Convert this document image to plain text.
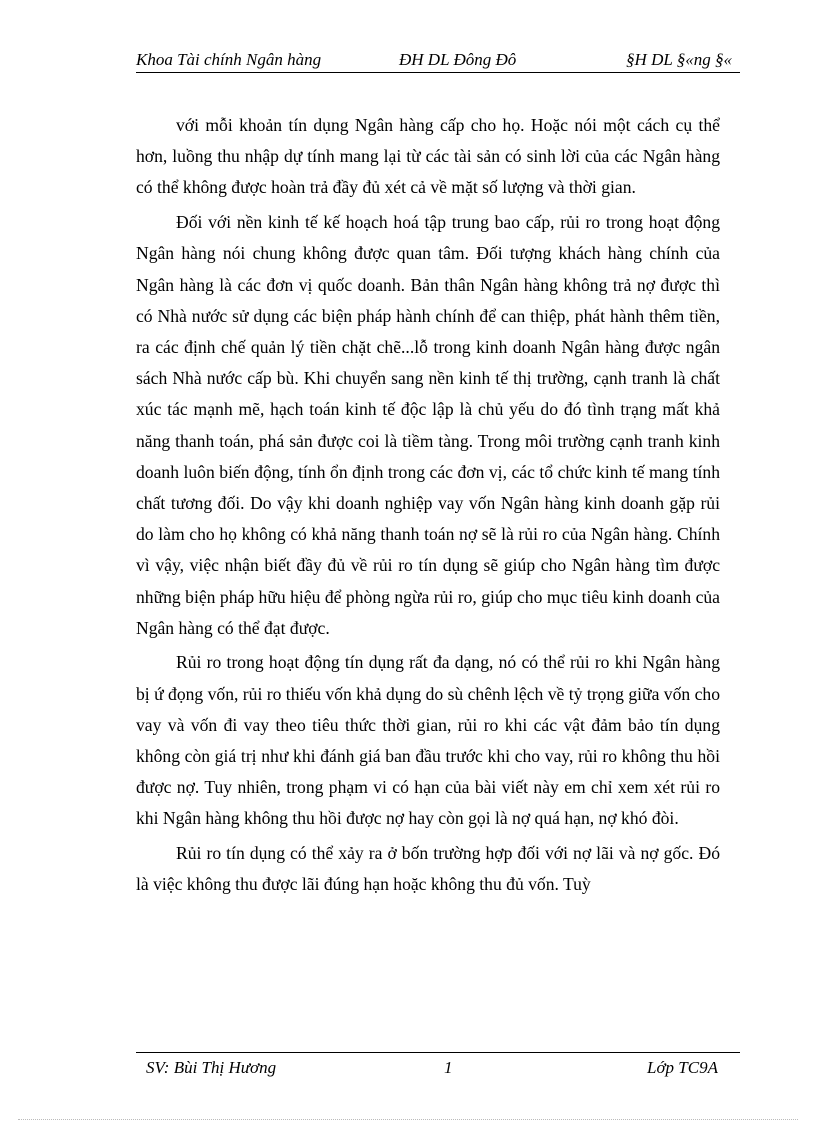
Khoa Tài chính Ngân hàng	ĐH DL Đông Đô	§H DL §«ng §«

với mỗi khoản tín dụng Ngân hàng cấp cho họ. Hoặc nói một cách cụ thể hơn, luồng thu nhập dự tính mang lại từ các tài sản có sinh lời của các Ngân hàng có thể không được hoàn trả đầy đủ xét cả về mặt số lượng và thời gian.

Đối với nền kinh tế kế hoạch hoá tập trung bao cấp, rủi ro trong hoạt động Ngân hàng nói chung không được quan tâm. Đối tượng khách hàng chính của Ngân hàng là các đơn vị quốc doanh. Bản thân Ngân hàng không trả nợ được thì có Nhà nước sử dụng các biện pháp hành chính để can thiệp, phát hành thêm tiền, ra các định chế quản lý tiền chặt chẽ...lỗ trong kinh doanh Ngân hàng được ngân sách Nhà nước cấp bù. Khi chuyển sang nền kinh tế thị trường, cạnh tranh là chất xúc tác mạnh mẽ, hạch toán kinh tế độc lập là chủ yếu do đó tình trạng mất khả năng thanh toán, phá sản được coi là tiềm tàng. Trong môi trường cạnh tranh kinh doanh luôn biến động, tính ổn định trong các đơn vị, các tổ chức kinh tế mang tính chất tương đối. Do vậy khi doanh nghiệp vay vốn Ngân hàng kinh doanh gặp rủi do làm cho họ không có khả năng thanh toán nợ sẽ là rủi ro của Ngân hàng. Chính vì vậy, việc nhận biết đầy đủ về rủi ro tín dụng sẽ giúp cho Ngân hàng tìm được những biện pháp hữu hiệu để phòng ngừa rủi ro, giúp cho mục tiêu kinh doanh của Ngân hàng có thể đạt được.

Rủi ro trong hoạt động tín dụng rất đa dạng, nó có thể rủi ro khi Ngân hàng bị ứ đọng vốn, rủi ro thiếu vốn khả dụng do sù chênh lệch về tỷ trọng giữa vốn cho vay và vốn đi vay theo tiêu thức thời gian, rủi ro khi các vật đảm bảo tín dụng không còn giá trị như khi đánh giá ban đầu trước khi cho vay, rủi ro không thu hồi được nợ. Tuy nhiên, trong phạm vi có hạn của bài viết này em chỉ xem xét rủi ro khi Ngân hàng không thu hồi được nợ hay còn gọi là nợ quá hạn, nợ khó đòi.

Rủi ro tín dụng có thể xảy ra ở bốn trường hợp đối với nợ lãi và nợ gốc. Đó là việc không thu được lãi đúng hạn hoặc không thu đủ vốn. Tuỳ

SV: Bùi Thị Hương	1	Lớp TC9A
